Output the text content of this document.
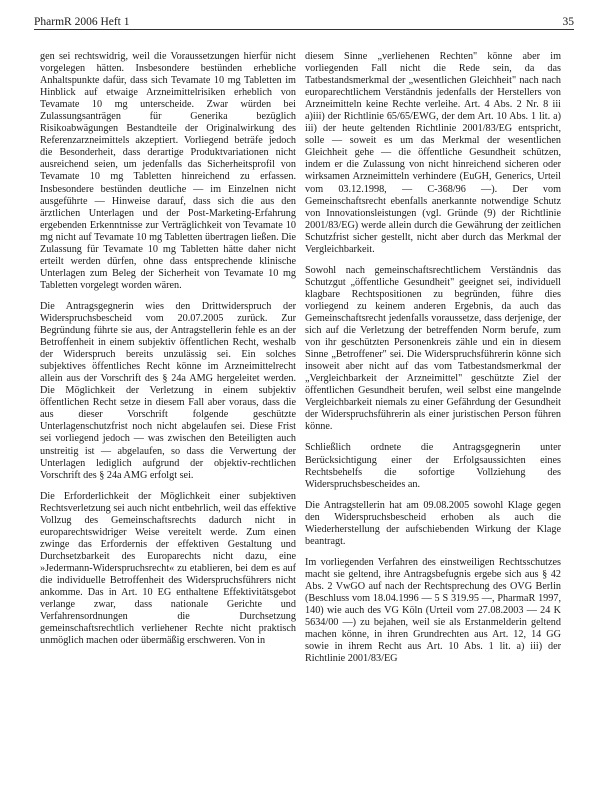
PharmR 2006 Heft 1	35

gen sei rechtswidrig, weil die Voraussetzungen hierfür nicht vorgelegen hätten. Insbesondere bestünden erhebliche Anhaltspunkte dafür, dass sich Tevamate 10 mg Tabletten im Hinblick auf etwaige Arzneimittelrisiken erheblich von Tevamate 10 mg unterscheide. Zwar würden bei Zulassungsanträgen für Generika bezüglich Risikoabwägungen Bestandteile der Originalwirkung des Referenzarzneimittels akzeptiert. Vorliegend beträfe jedoch die Besonderheit, dass derartige Produktvariationen nicht ausreichend seien, um jedenfalls das Sicherheitsprofil von Tevamate 10 mg Tabletten hinreichend zu erfassen. Insbesondere bestünden deutliche — im Einzelnen nicht ausgeführte — Hinweise darauf, dass sich die aus den ärztlichen Unterlagen und der Post-Marketing-Erfahrung ergebenden Erkenntnisse zur Verträglichkeit von Tevamate 10 mg nicht auf Tevamate 10 mg Tabletten übertragen ließen. Die Zulassung für Tevamate 10 mg Tabletten hätte daher nicht erteilt werden dürfen, ohne dass entsprechende klinische Unterlagen zum Beleg der Sicherheit von Tevamate 10 mg Tabletten vorgelegt worden wären.

Die Antragsgegnerin wies den Drittwiderspruch der Widerspruchsbescheid vom 20.07.2005 zurück. Zur Begründung führte sie aus, der Antragstellerin fehle es an der Betroffenheit in einem subjektiv öffentlichen Recht, weshalb der Widerspruch bereits unzulässig sei. Ein solches subjektives öffentliches Recht könne im Arzneimittelrecht allein aus der Vorschrift des § 24a AMG hergeleitet werden. Die Möglichkeit der Verletzung in einem subjektiv öffentlichen Recht setze in diesem Fall aber voraus, dass die aus dieser Vorschrift folgende geschützte Unterlagenschutzfrist noch nicht abgelaufen sei. Diese Frist sei vorliegend jedoch — was zwischen den Beteiligten auch unstreitig ist — abgelaufen, so dass die Verwertung der Unterlagen lediglich aufgrund der objektiv-rechtlichen Vorschrift des § 24a AMG erfolgt sei.

Die Erforderlichkeit der Möglichkeit einer subjektiven Rechtsverletzung sei auch nicht entbehrlich, weil das effektive Vollzug des Gemeinschaftsrechts dadurch nicht in europarechtswidriger Weise vereitelt werde. Zum einen zwinge das Erfordernis der effektiven Gestaltung und Durchsetzbarkeit des Europarechts nicht dazu, eine »Jedermann-Widerspruchsrecht« zu etablieren, bei dem es auf die individuelle Betroffenheit des Widerspruchsführers nicht ankomme. Das in Art. 10 EG enthaltene Effektivitätsgebot verlange zwar, dass nationale Gerichte und Verfahrensordnungen die Durchsetzung gemeinschaftsrechtlich verliehener Rechte nicht praktisch unmöglich machen oder übermäßig erschweren. Von in

diesem Sinne „verliehenen Rechten" könne aber im vorliegenden Fall nicht die Rede sein, da das Tatbestandsmerkmal der „wesentlichen Gleichheit" nach nach europarechtlichem Verständnis jedenfalls der Herstellers von Arzneimitteln keine Rechte verleihe. Art. 4 Abs. 2 Nr. 8 iii a)iii) der Richtlinie 65/65/EWG, der dem Art. 10 Abs. 1 lit. a) iii) der heute geltenden Richtlinie 2001/83/EG entspricht, solle — soweit es um das Merkmal der wesentlichen Gleichheit gehe — die öffentliche Gesundheit schützen, indem er die Zulassung von nicht hinreichend sicheren oder wirksamen Arzneimitteln verhindere (EuGH, Generics, Urteil vom 03.12.1998, — C-368/96 —). Der vom Gemeinschaftsrecht ebenfalls anerkannte notwendige Schutz von Innovationsleistungen (vgl. Gründe (9) der Richtlinie 2001/83/EG) werde allein durch die Gewährung der zeitlichen Schutzfrist sicher gestellt, nicht aber durch das Merkmal der Vergleichbarkeit.

Sowohl nach gemeinschaftsrechtlichem Verständnis das Schutzgut „öffentliche Gesundheit" geeignet sei, individuell klagbare Rechtspositionen zu begründen, führe dies vorliegend zu keinem anderen Ergebnis, da auch das Gemeinschaftsrecht jedenfalls voraussetze, dass derjenige, der sich auf die Verletzung der betreffenden Norm berufe, zum von ihr geschützten Personenkreis zähle und ein in diesem Sinne „Betroffener" sei. Die Widerspruchsführerin könne sich insoweit aber nicht auf das vom Tatbestandsmerkmal der „Vergleichbarkeit der Arzneimittel" geschützte Ziel der öffentlichen Gesundheit berufen, weil selbst eine mangelnde Vergleichbarkeit niemals zu einer Gefährdung der Gesundheit der Widerspruchsführerin als einer juristischen Person führen könne.

Schließlich ordnete die Antragsgegnerin unter Berücksichtigung einer der Erfolgsaussichten eines Rechtsbehelfs die sofortige Vollziehung des Widerspruchsbescheides an.

Die Antragstellerin hat am 09.08.2005 sowohl Klage gegen den Widerspruchsbescheid erhoben als auch die Wiederherstellung der aufschiebenden Wirkung der Klage beantragt.

Im vorliegenden Verfahren des einstweiligen Rechtsschutzes macht sie geltend, ihre Antragsbefugnis ergebe sich aus § 42 Abs. 2 VwGO auf nach der Rechtsprechung des OVG Berlin (Beschluss vom 18.04.1996 — 5 S 319.95 —, PharmaR 1997, 140) wie auch des VG Köln (Urteil vom 27.08.2003 — 24 K 5634/00 —) zu bejahen, weil sie als Erstanmelderin geltend machen könne, in ihren Grundrechten aus Art. 12, 14 GG sowie in ihrem Recht aus Art. 10 Abs. 1 lit. a) iii) der Richtlinie 2001/83/EG
